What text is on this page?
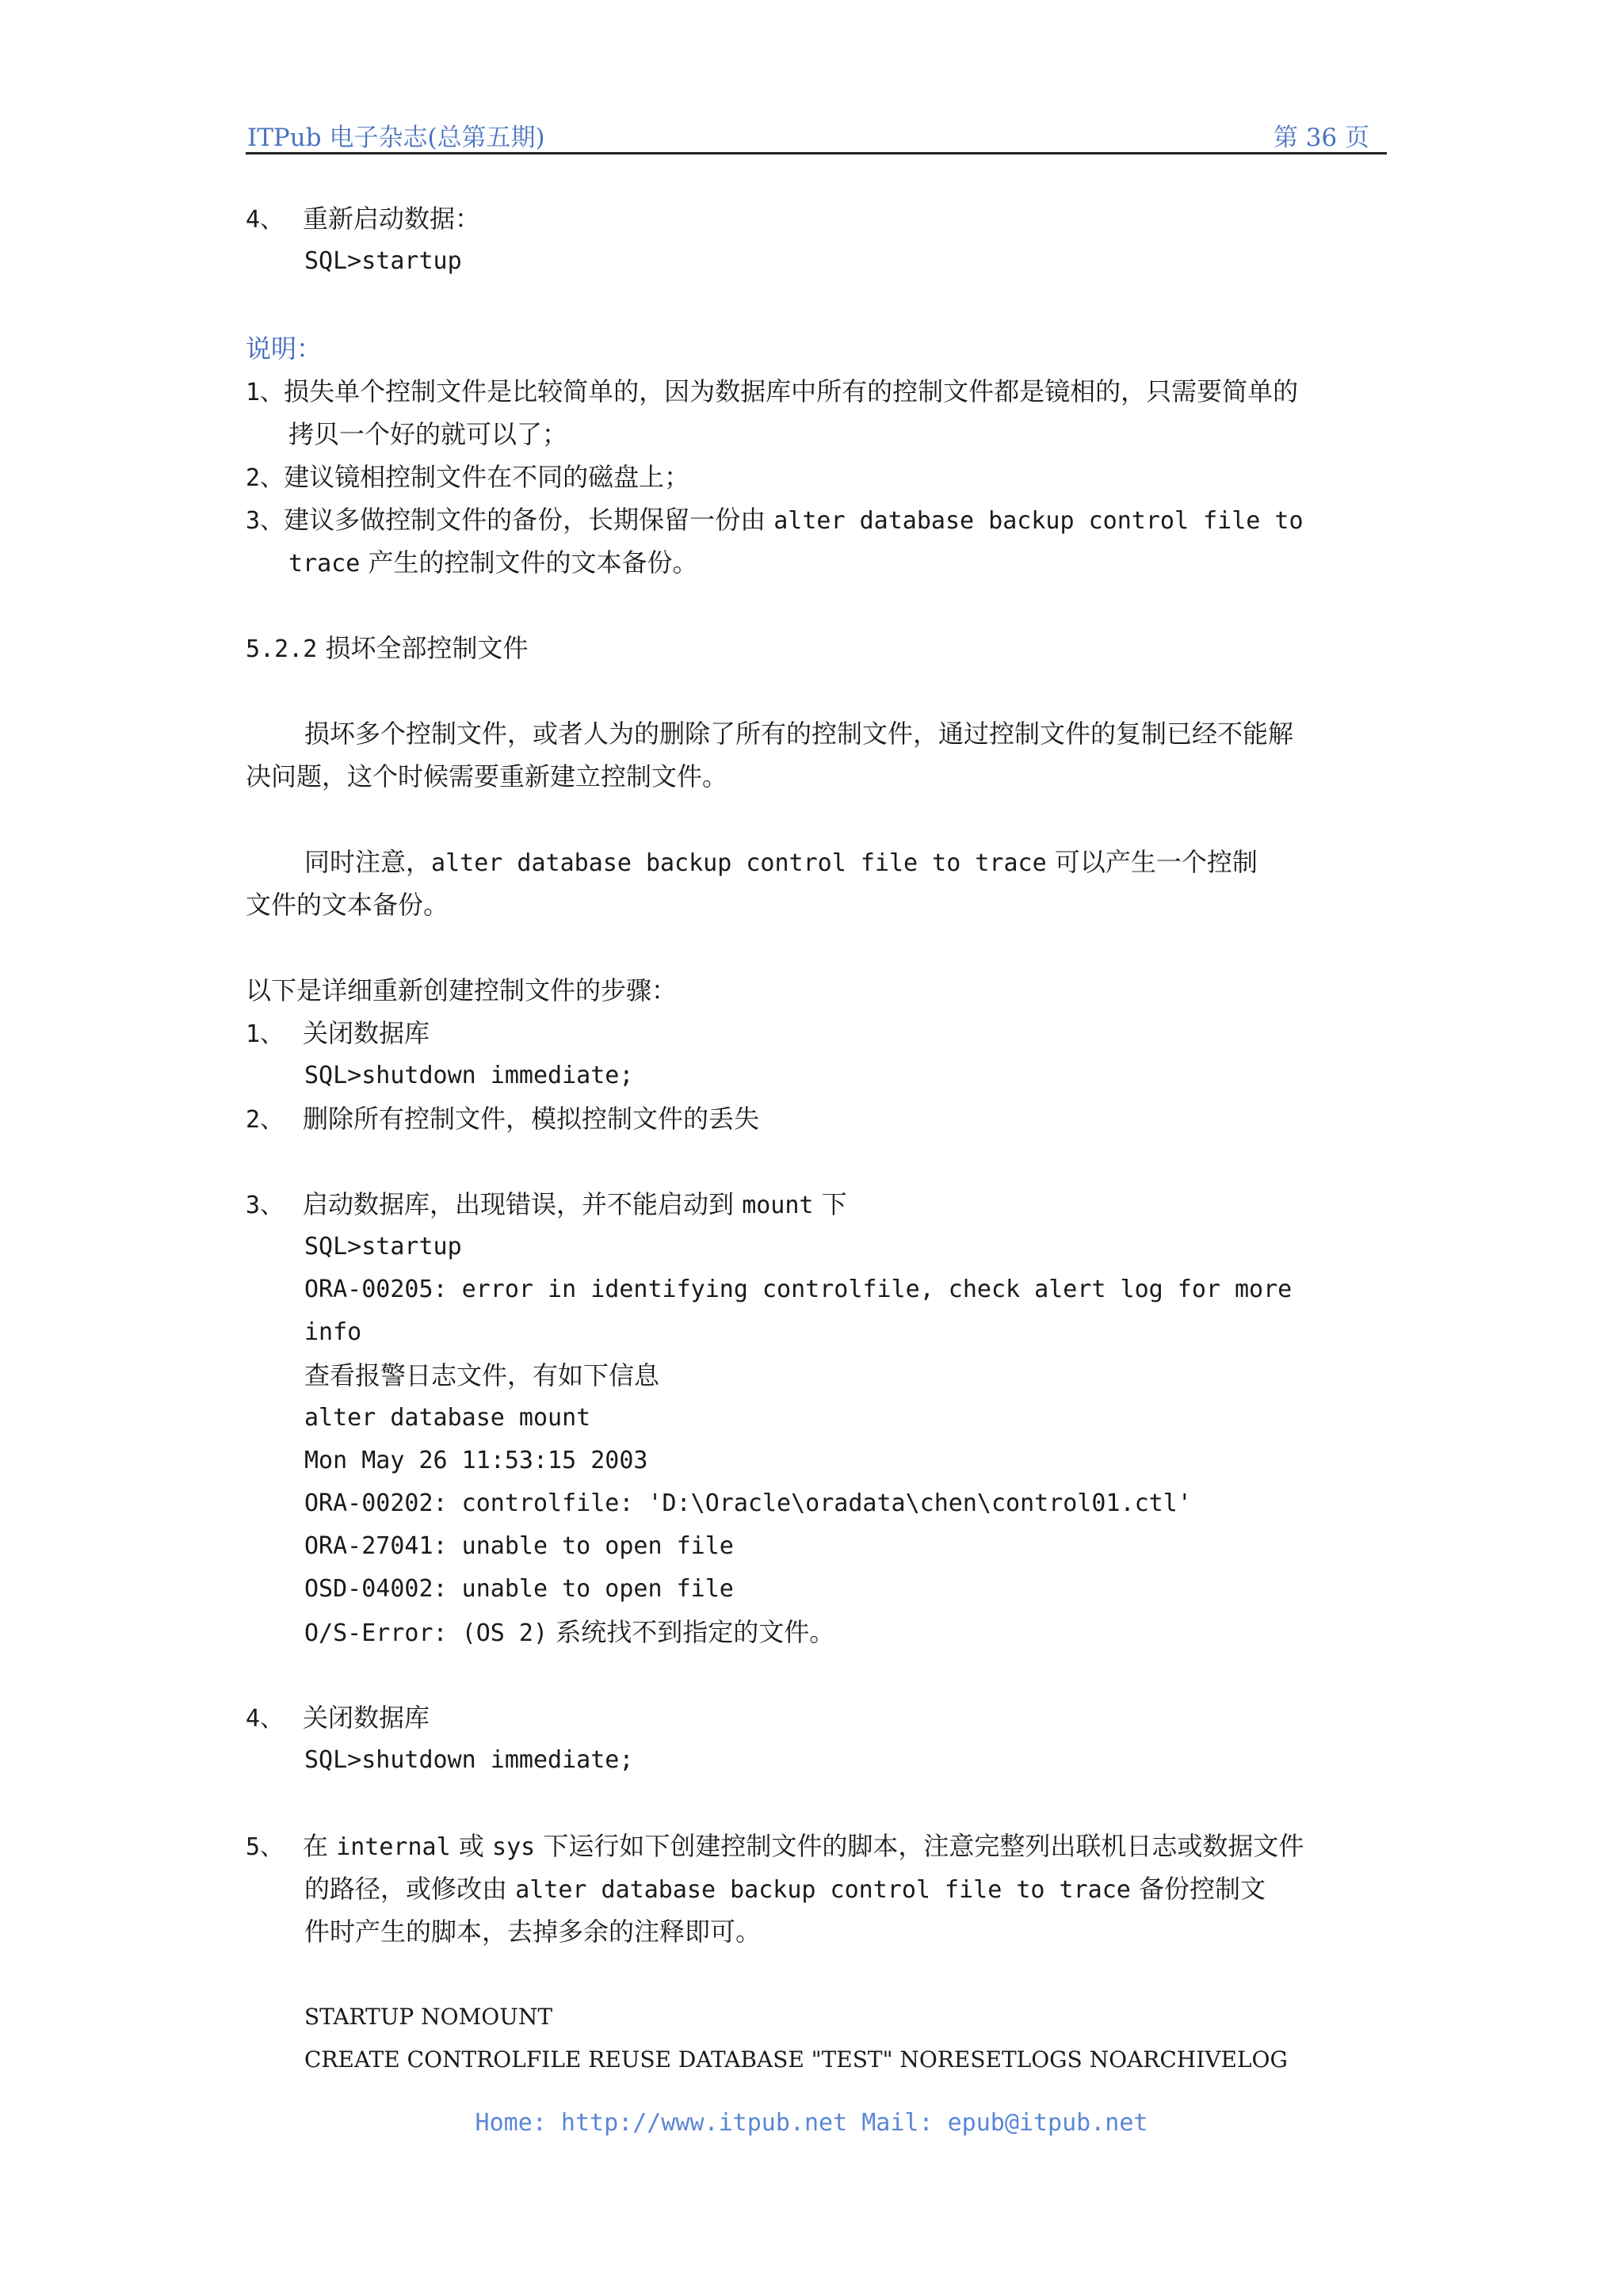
ITPub 电子杂志(总第五期)	第 36 页
4、 重新启动数据：
SQL>startup
说明：
1、损失单个控制文件是比较简单的，因为数据库中所有的控制文件都是镜相的，只需要简单的
拷贝一个好的就可以了；
2、建议镜相控制文件在不同的磁盘上；
3、建议多做控制文件的备份，长期保留一份由 alter database backup control file to
trace 产生的控制文件的文本备份。
5.2.2 损坏全部控制文件
损坏多个控制文件，或者人为的删除了所有的控制文件，通过控制文件的复制已经不能解
决问题，这个时候需要重新建立控制文件。
同时注意，alter database backup control file to trace 可以产生一个控制
文件的文本备份。
以下是详细重新创建控制文件的步骤：
1、 关闭数据库
SQL>shutdown immediate;
2、 删除所有控制文件，模拟控制文件的丢失
3、 启动数据库，出现错误，并不能启动到 mount 下
SQL>startup
ORA-00205: error in identifying controlfile, check alert log for more
info
查看报警日志文件，有如下信息
alter database mount
Mon May 26 11:53:15 2003
ORA-00202: controlfile: 'D:\Oracle\oradata\chen\control01.ctl'
ORA-27041: unable to open file
OSD-04002: unable to open file
O/S-Error: (OS 2) 系统找不到指定的文件。
4、 关闭数据库
SQL>shutdown immediate;
5、 在 internal 或 sys 下运行如下创建控制文件的脚本，注意完整列出联机日志或数据文件
的路径，或修改由 alter database backup control file to trace 备份控制文
件时产生的脚本，去掉多余的注释即可。
STARTUP NOMOUNT
CREATE CONTROLFILE REUSE DATABASE "TEST" NORESETLOGS NOARCHIVELOG
Home: http://www.itpub.net Mail: epub@itpub.net
